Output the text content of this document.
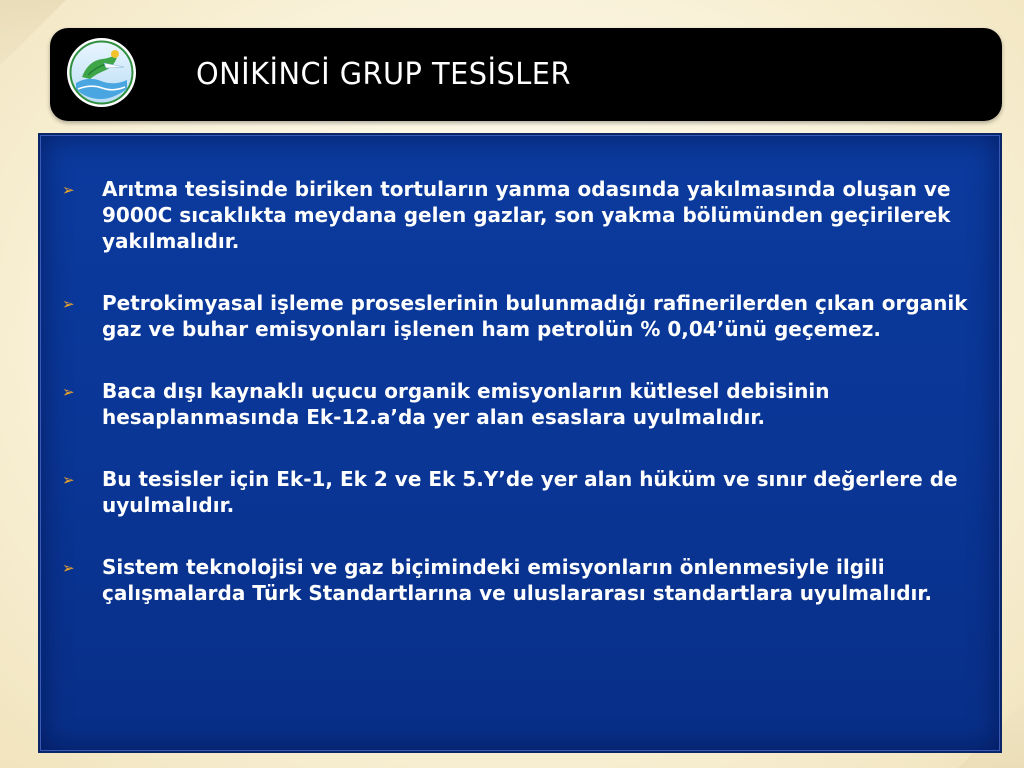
ONİKİNCİ GRUP TESİSLER
➢ Arıtma tesisinde biriken tortuların yanma odasında yakılmasında oluşan ve 9000C sıcaklıkta meydana gelen gazlar, son yakma bölümünden geçirilerek yakılmalıdır.
➢ Petrokimyasal işleme proseslerinin bulunmadığı rafinerilerden çıkan organik gaz ve buhar emisyonları işlenen ham petrolün % 0,04’ünü geçemez.
➢ Baca dışı kaynaklı uçucu organik emisyonların kütlesel debisinin hesaplanmasında Ek-12.a’da yer alan esaslara uyulmalıdır.
➢ Bu tesisler için Ek-1, Ek 2 ve Ek 5.Y’de yer alan hüküm ve sınır değerlere de uyulmalıdır.
➢ Sistem teknolojisi ve gaz biçimindeki emisyonların önlenmesiyle ilgili çalışmalarda Türk Standartlarına ve uluslararası standartlara uyulmalıdır.
